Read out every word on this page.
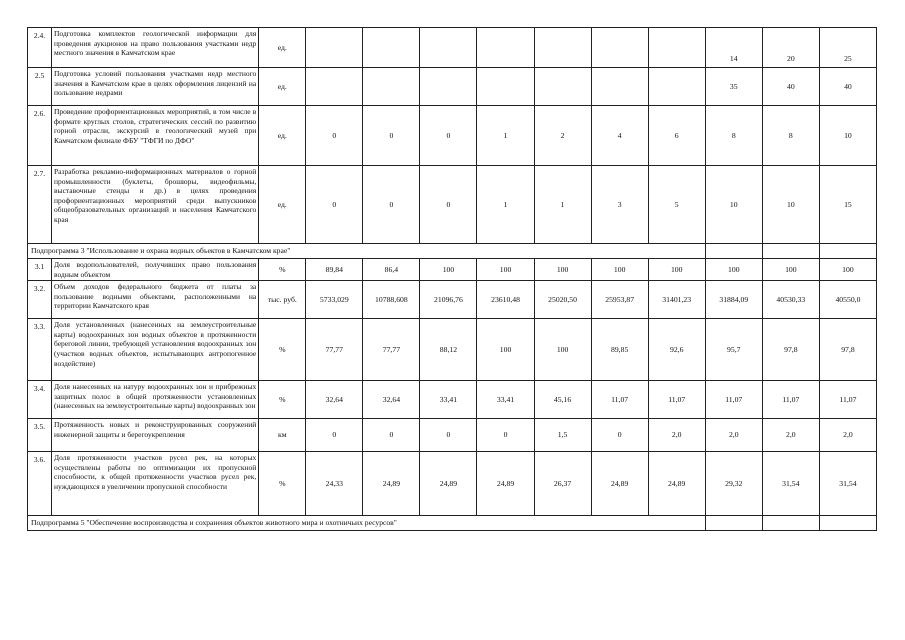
2.4.	Подготовка комплектов геологической информации для проведения аукционов на право пользования участками недр местного значения в Камчатском крае	ед.								14	20	25
2.5	Подготовка условий пользования участками недр местного значения в Камчатском крае в целях оформления лицензий на пользование недрами	ед.								35	40	40
2.6.	Проведение профориентационных мероприятий, в том числе в формате круглых столов, стратегических сессий по развитию горной отрасли, экскурсий в геологический музей при Камчатском филиале ФБУ "ТФГИ по ДФО"	ед.	0	0	0	1	2	4	6	8	8	10
2.7.	Разработка рекламно-информационных материалов о горной промышленности (буклеты, брошюры, видеофильмы, выставочные стенды и др.) в целях проведения профориентационных мероприятий среди выпускников общеобразовательных организаций и населения Камчатского края	ед.	0	0	0	1	1	3	5	10	10	15
Подпрограмма 3 "Использование и охрана водных объектов в Камчатском крае"												
3.1	Доля водопользователей, получивших право пользования водным объектом	%	89,84	86,4	100	100	100	100	100	100	100	100
3.2.	Объем доходов федерального бюджета от платы за пользование водными объектами, расположенными на территории Камчатского края	тыс. руб.	5733,029	10788,608	21096,76	23610,48	25020,50	25953,87	31401,23	31884,09	40530,33	40550,0
3.3.	Доля установленных (нанесенных на землеустроительные карты) водоохранных зон водных объектов в протяженности береговой линии, требующей установления водоохранных зон (участков водных объектов, испытывающих антропогенное воздействие)	%	77,77	77,77	88,12	100	100	89,85	92,6	95,7	97,8	97,8
3.4.	Доля нанесенных на натуру водоохранных зон и прибрежных защитных полос в общей протяженности установленных (нанесенных на землеустроительные карты) водоохранных зон	%	32,64	32,64	33,41	33,41	45,16	11,07	11,07	11,07	11,07	11,07
3.5.	Протяженность новых и реконструированных сооружений инженерной защиты и берегоукрепления	км	0	0	0	0	1,5	0	2,0	2,0	2,0	2,0
3.6.	Доля протяженности участков русел рек, на которых осуществлены работы по оптимизации их пропускной способности, к общей протяженности участков русел рек, нуждающихся в увеличении пропускной способности	%	24,33	24,89	24,89	24,89	26,37	24,89	24,89	29,32	31,54	31,54
Подпрограмма 5 "Обеспечение воспроизводства и сохранения объектов животного мира и охотничьих ресурсов"												
